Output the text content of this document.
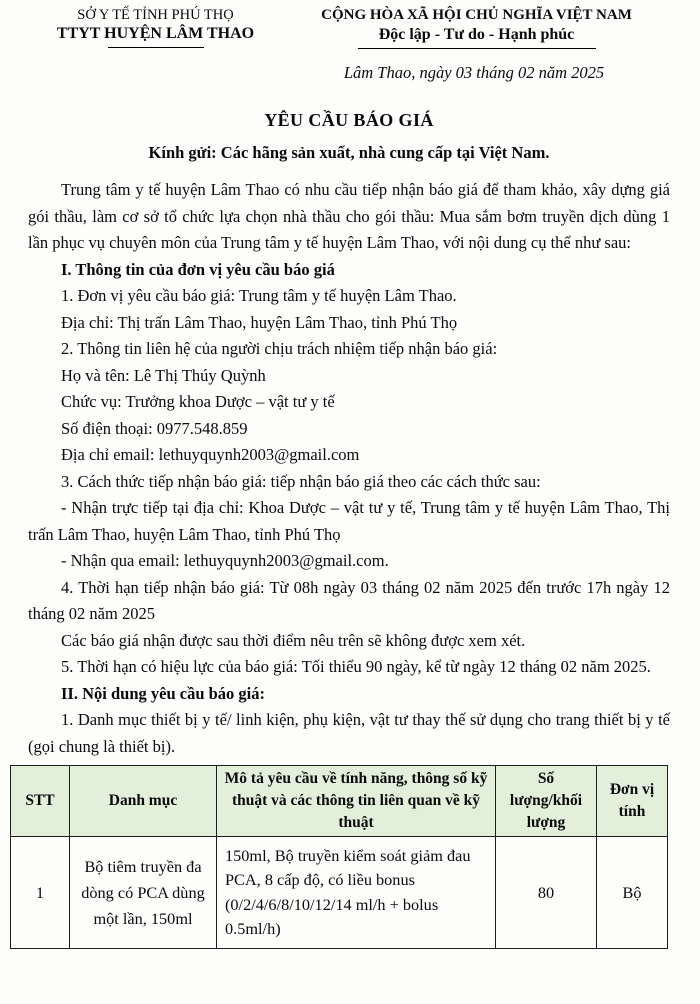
SỞ Y TẾ TỈNH PHÚ THỌ
TTYT HUYỆN LÂM THAO
CỘNG HÒA XÃ HỘI CHỦ NGHĨA VIỆT NAM
Độc lập - Tư do - Hạnh phúc
Lâm Thao, ngày 03 tháng 02 năm 2025
YÊU CẦU BÁO GIÁ
Kính gửi: Các hãng sản xuất, nhà cung cấp tại Việt Nam.

Trung tâm y tế huyện Lâm Thao có nhu cầu tiếp nhận báo giá để tham khảo, xây dựng giá gói thầu, làm cơ sở tổ chức lựa chọn nhà thầu cho gói thầu: Mua sắm bơm truyền dịch dùng 1 lần phục vụ chuyên môn của Trung tâm y tế huyện Lâm Thao, với nội dung cụ thể như sau:

I. Thông tin của đơn vị yêu cầu báo giá

1. Đơn vị yêu cầu báo giá: Trung tâm y tế huyện Lâm Thao.

Địa chỉ: Thị trấn Lâm Thao, huyện Lâm Thao, tỉnh Phú Thọ

2. Thông tin liên hệ của người chịu trách nhiệm tiếp nhận báo giá:

Họ và tên: Lê Thị Thúy Quỳnh

Chức vụ: Trưởng khoa Dược – vật tư y tế

Số điện thoại: 0977.548.859

Địa chỉ email: lethuyquynh2003@gmail.com

3. Cách thức tiếp nhận báo giá: tiếp nhận báo giá theo các cách thức sau:

- Nhận trực tiếp tại địa chỉ: Khoa Dược – vật tư y tế, Trung tâm y tế huyện Lâm Thao, Thị trấn Lâm Thao, huyện Lâm Thao, tỉnh Phú Thọ

- Nhận qua email: lethuyquynh2003@gmail.com.

4. Thời hạn tiếp nhận báo giá: Từ 08h ngày 03 tháng 02 năm 2025 đến trước 17h ngày 12 tháng 02 năm 2025

Các báo giá nhận được sau thời điểm nêu trên sẽ không được xem xét.

5. Thời hạn có hiệu lực của báo giá: Tối thiểu 90 ngày, kể từ ngày 12 tháng 02 năm 2025.

II. Nội dung yêu cầu báo giá:

1. Danh mục thiết bị y tế/ linh kiện, phụ kiện, vật tư thay thế sử dụng cho trang thiết bị y tế (gọi chung là thiết bị).

STT	Danh mục	Mô tả yêu cầu về tính năng, thông số kỹ thuật và các thông tin liên quan về kỹ thuật	Số lượng/khối lượng	Đơn vị tính
1	Bộ tiêm truyền đa dòng có PCA dùng một lần, 150ml	150ml, Bộ truyền kiểm soát giảm đau PCA, 8 cấp độ, có liều bonus (0/2/4/6/8/10/12/14 ml/h + bolus 0.5ml/h)	80	Bộ
